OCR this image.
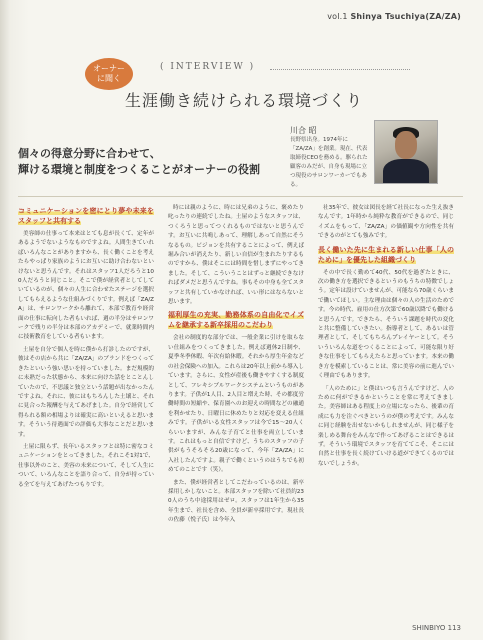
vol.1 Shinya Tsuchiya(ZA/ZA)
オーナー
に聞く
( INTERVIEW )
生涯働き続けられる環境づくり
個々の得意分野に合わせて、
輝ける環境と制度をつくることがオーナーの役割
川合 昭
長野県出身。1974年に「ZA/ZA」を創業。現在、代表取締役CEOを務める。駆られた顧客のみだが、自身も現場に立つ現役のサロンワーカーでもある。
コミュニケーションを密にとり夢や未来をスタッフと共有する

美容師の仕事って本来はとても息が長くて、定年があるようでないようなものですよね。人間生きていればいろんなことがありますから、長く働くことを考えたらやっぱり家族のようにお互いに助け合わないといけないと思うんです。それはスタッフ1人だろうと100人だろうと同じこと。そこで僕が経営者としてしていているのが、個々の人生に合わせたステージを選択してもらえるような仕組みづくりです。例えば「ZA/ZA」は、サロンワークから離れて、本部で教育や経営面の仕事に転向した者もいれば、週の半分はサロンワークで残りの半分は本部のアカデミーで、就業時間内に技術教育をしている者もいます。

土屋を自分で個人を時に僕から打診したのですが、彼はその店から共に「ZA/ZA」のブランドをつくってきたといいう強い思いを持っていました。まだ規模的に未熟だった状態から、本来に向けた話をとことんしていたので、不思議と独立という話題が出なかったんですよね。それに、彼にはもちろんした土壌と、それに見合った報酬を与えてあげました。自分で経営して得られる額の相場よりは確実に高いといえると思います。そういう待遇面での評価も大事なことだと思います。

土屋に限らず、長年いるスタッフとは特に密なコミュニケーションをとってきました。それこそ1対1で、仕事以外のこと、美容の未来について、そして人生について、いろんなことを語り合って、自分が持っている全てを与えてあげたつもりです。

時には親のように、時には兄弟のように、褒めたり叱ったりの連続でしたね。土屋のようなスタッフは、つくろうと思ってつくれるものではないと思うんです。お互いに共鳴しあって、理解しあって自然にそうなるもの。ビジョンを共有することによって、例えば堀み合いが消えたり、新しい自信が生まれたりするものですから、僕はそこには時間を惜しまずにやってきました。そして、こういうことはずっと継続できなければダメだと思うんですね。事もその中身も全てスタッフと共有していかなければ、いい形にはならないと思います。

福利厚生の充実、勤務体系の自由化でイズムを継承する新卒採用のこだわり

会社の制度的な部分では、一般企業に引けを取らない仕組みをつくってきました。例えば週休2日制や、夏季冬季休暇、年次有給休暇。それから厚生年金などの社会保険への加入。これらは20年以上前から導入しています。さらに、女性が産後も働きやすくする制度として、フレキシブルワークシステムというものがあります。子供が1人目、2人目と増えた時、その都度労働時間の短縮や、保育園へのお迎えの時間などの融通を利かせたり、日曜日に休めたりと対応を変える仕組みです。子供がいる女性スタッフは今で15〜20人くらいいますが、みんな子育てと仕事を両立しています。これはもっと自信ですけど、うちのスタッフの子供がもうそろそろ20歳になって、今年「ZA/ZA」に入社したんですよ。親子で働くというのはうちでも初めてのことです（笑）。

また、僕が経営者としてこだわっているのは、新卒採用しかしないこと。本部スタッフを除いて社員約230人のうち中途採用はゼロ。スタッフは1年生から35年生まで、社長を含め、全員が新卒採用です。現社長の佐藤（悦子氏）は今年入

社35年で、彼女は図長を経て社長になった生え抜きなんです。1年時から純粋な教育ができるので、同じイズムをもって、「ZA/ZA」の価値観や方向性を共有できるのがとても強みです。

長く働いた先に生まれる新しい仕事「人のために」を優先した組織づくり

その中で長く勤めて40代、50代を過ぎたときに、次の働き方を選択できるというのもうちの特徴でしょう。定年は設けていませんが、可能なら70歳くらいまで働いてほしい。主な理由は個々の人の生活のためです。今の時代、雇用の仕方次第で60歳以降でも働けると思うんです。できたら、そういう課題を時代の変化と共に整備していきたい。指導者として、あるいは管理者として、そしてもちろんプレイヤーとして。そういういろんな道をつくることによって、可能な限り好きな仕事をしてもらえたらと思っています。本来の働き方を模索していることは、常に美容の前に進んでいく理由でもあります。

「人のために」と僕はいつも言うんですけど、人のために何ができるかということを常に考えてきました。美容師はある程度上の立場になったら、後輩の育成にも力を注ぐべきというのが僕の考えです。みんなに同じ経験を出せないかもしれませんが、同じ様子を楽しめる舞台をみんなで作ってあげることはできるはず。そういう環境でスタッフを育ててこそ、そこには自然と仕事を長く続けていける道ができてくるのではないでしょうか。

SHINBIYO 113
